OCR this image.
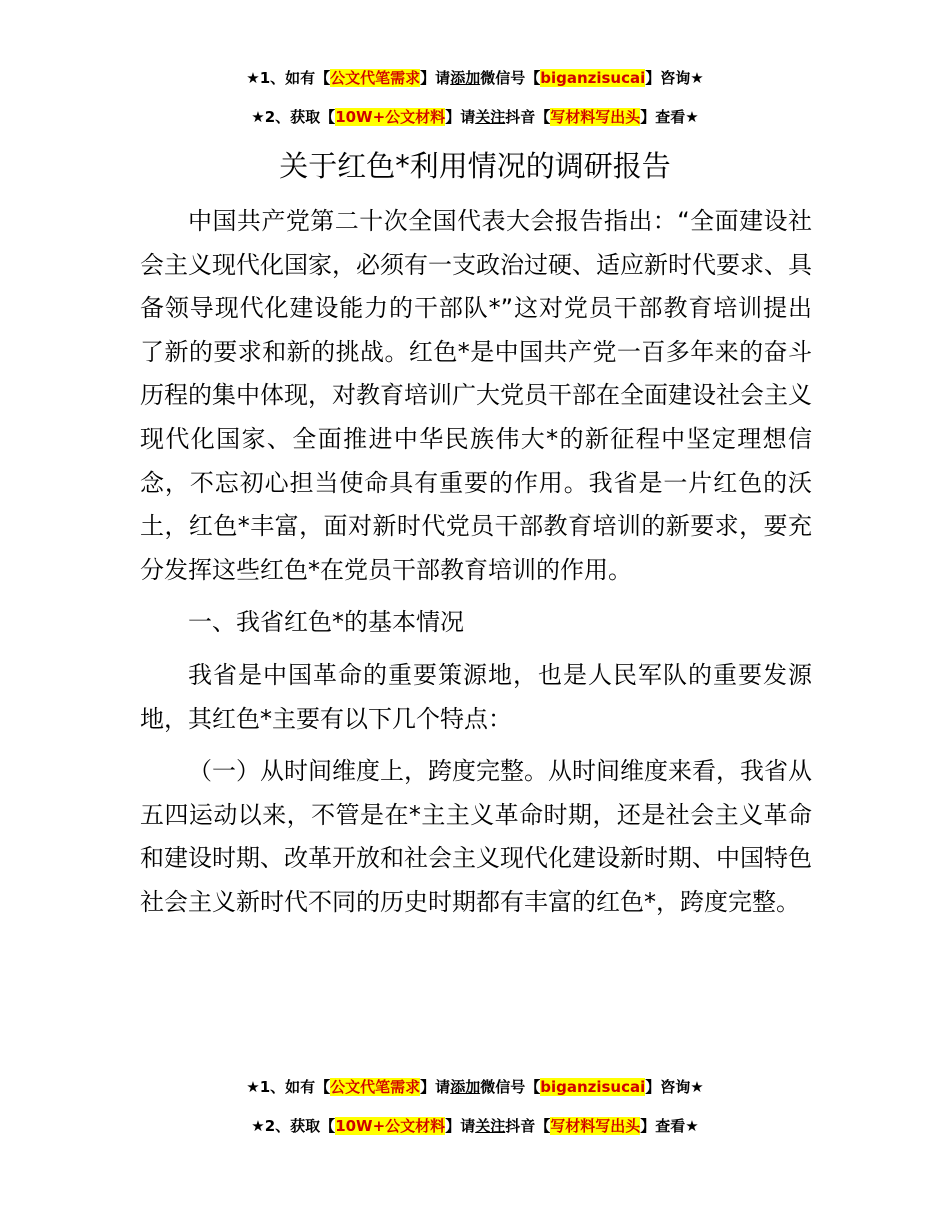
★1、如有【公文代笔需求】请添加微信号【biganzisucai】咨询★
★2、获取【10W+公文材料】请关注抖音【写材料写出头】查看★
关于红色*利用情况的调研报告

中国共产党第二十次全国代表大会报告指出：“全面建设社会主义现代化国家，必须有一支政治过硬、适应新时代要求、具备领导现代化建设能力的干部队*”这对党员干部教育培训提出了新的要求和新的挑战。红色*是中国共产党一百多年来的奋斗历程的集中体现，对教育培训广大党员干部在全面建设社会主义现代化国家、全面推进中华民族伟大*的新征程中坚定理想信念，不忘初心担当使命具有重要的作用。我省是一片红色的沃土，红色*丰富，面对新时代党员干部教育培训的新要求，要充分发挥这些红色*在党员干部教育培训的作用。

一、我省红色*的基本情况

我省是中国革命的重要策源地，也是人民军队的重要发源地，其红色*主要有以下几个特点：

（一）从时间维度上，跨度完整。从时间维度来看，我省从五四运动以来，不管是在*主主义革命时期，还是社会主义革命和建设时期、改革开放和社会主义现代化建设新时期、中国特色社会主义新时代不同的历史时期都有丰富的红色*，跨度完整。

★1、如有【公文代笔需求】请添加微信号【biganzisucai】咨询★
★2、获取【10W+公文材料】请关注抖音【写材料写出头】查看★
